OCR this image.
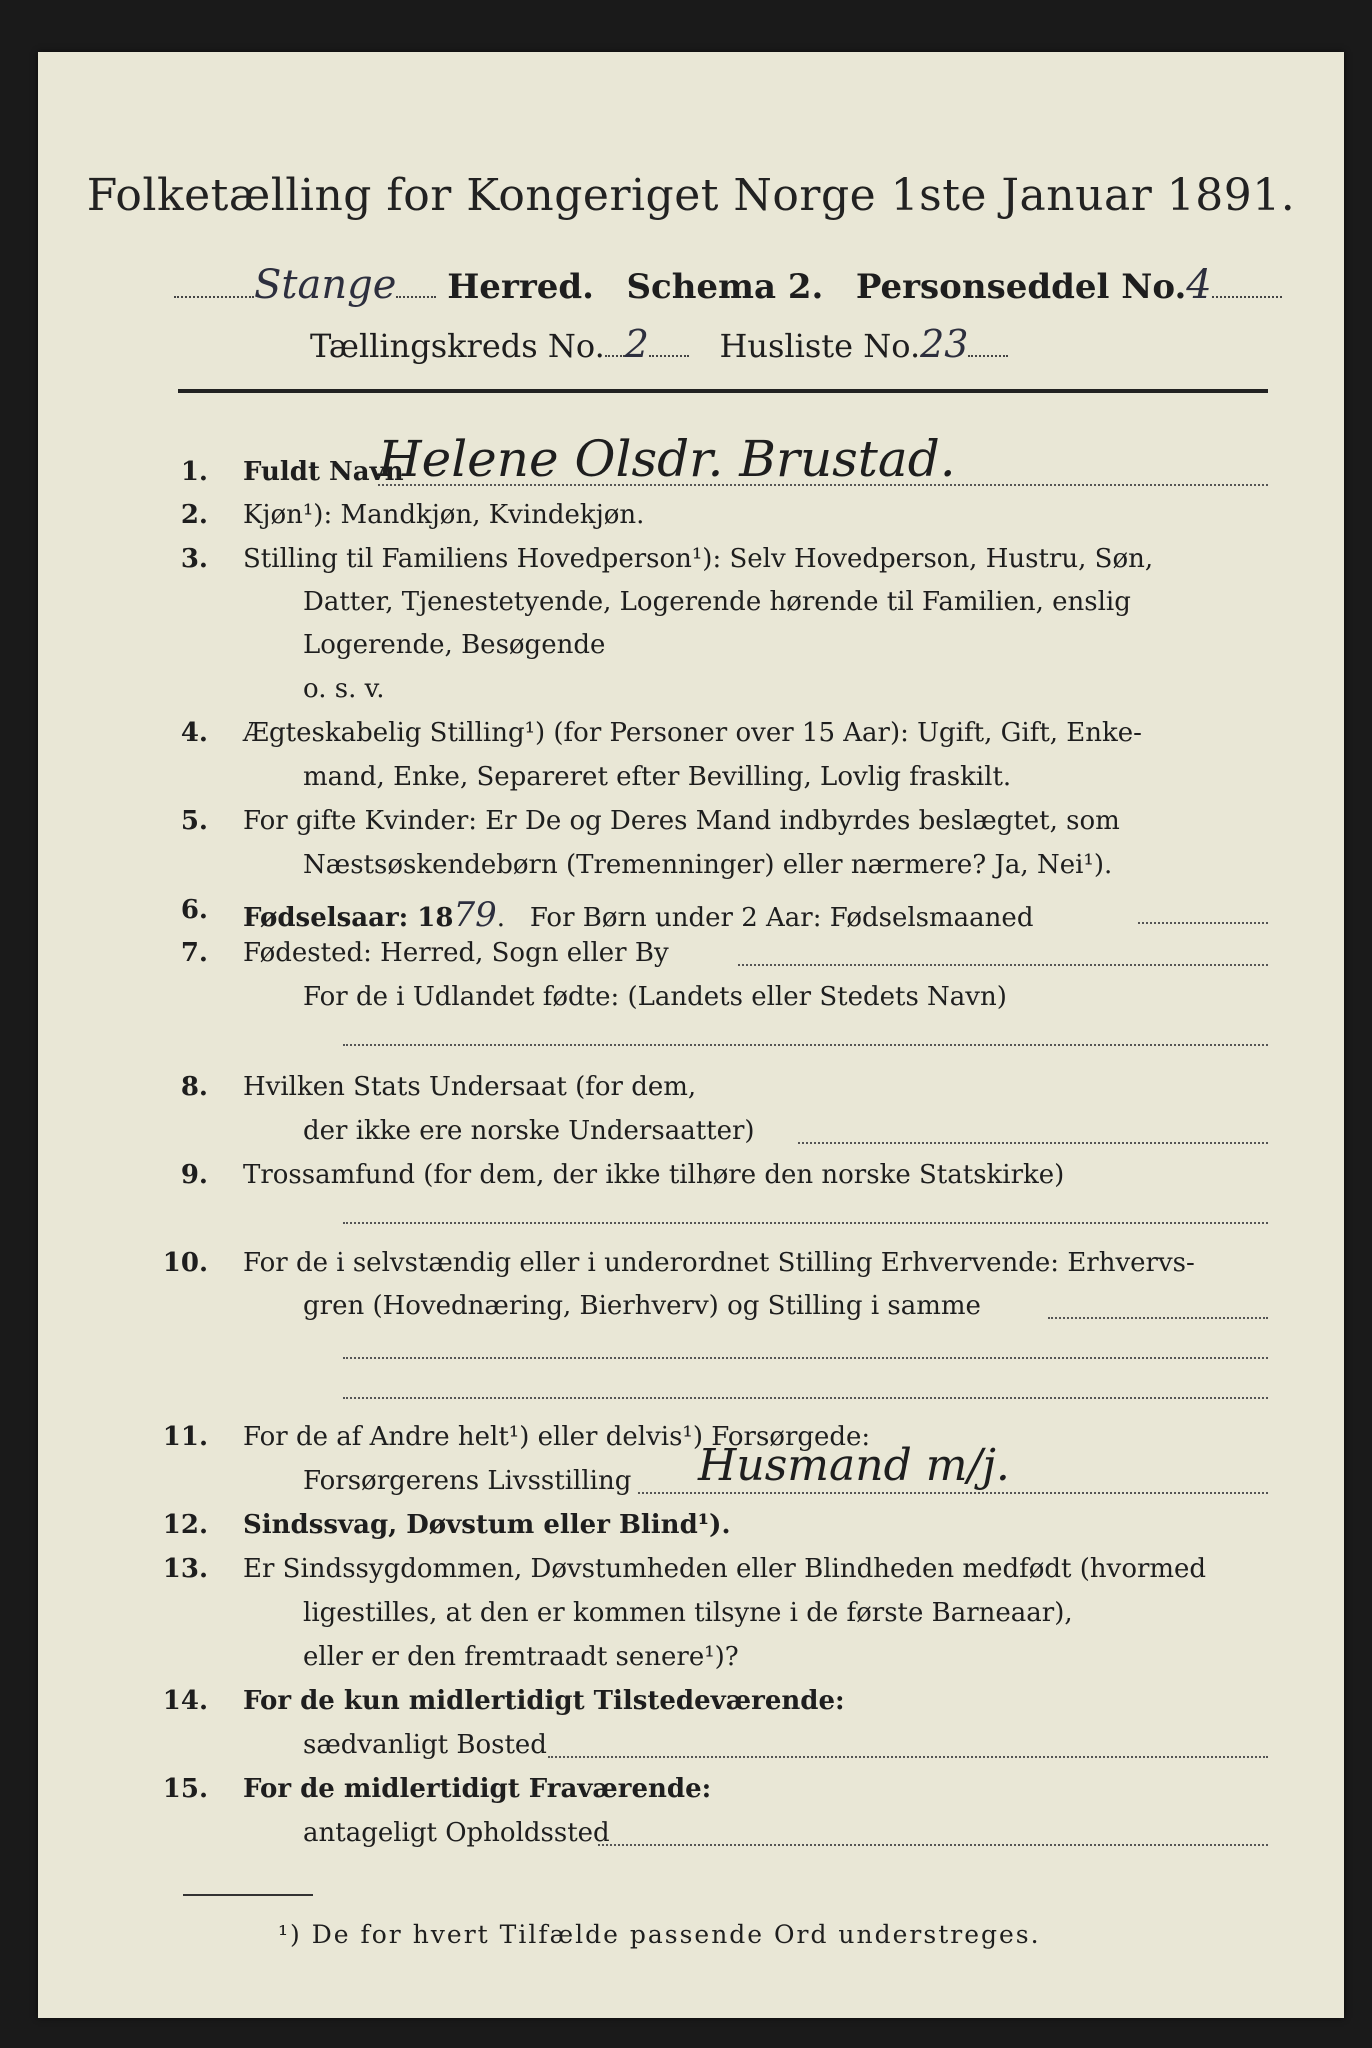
Folketælling for Kongeriget Norge 1ste Januar 1891.
Stange Herred. Schema 2. Personseddel No.4
Tællingskreds No. 2 Husliste No.23
1. Fuldt Navn
Helene Olsdr. Brustad.
2. Kjøn¹): Mandkjøn, Kvindekjøn.
3. Stilling til Familiens Hovedperson¹): Selv Hovedperson, Hustru, Søn,
Datter, Tjenestetyende, Logerende hørende til Familien, enslig
Logerende, Besøgende
o. s. v.
4. Ægteskabelig Stilling¹) (for Personer over 15 Aar): Ugift, Gift, Enke-
mand, Enke, Separeret efter Bevilling, Lovlig fraskilt.
5. For gifte Kvinder: Er De og Deres Mand indbyrdes beslægtet, som
Næstsøskendebørn (Tremenninger) eller nærmere? Ja, Nei¹).
6. Fødselsaar: 1879.   For Børn under 2 Aar: Fødselsmaaned
7. Fødested: Herred, Sogn eller By
For de i Udlandet fødte: (Landets eller Stedets Navn)
8. Hvilken Stats Undersaat (for dem,
der ikke ere norske Undersaatter)
9. Trossamfund (for dem, der ikke tilhøre den norske Statskirke)
10. For de i selvstændig eller i underordnet Stilling Erhvervende: Erhvervs-
gren (Hovednæring, Bierhverv) og Stilling i samme
11. For de af Andre helt¹) eller delvis¹) Forsørgede:
Forsørgerens Livsstilling Husmand m/j.
12. Sindssvag, Døvstum eller Blind¹).
13. Er Sindssygdommen, Døvstumheden eller Blindheden medfødt (hvormed
ligestilles, at den er kommen tilsyne i de første Barneaar),
eller er den fremtraadt senere¹)?
14. For de kun midlertidigt Tilstedeværende:
sædvanligt Bosted
15. For de midlertidigt Fraværende:
antageligt Opholdssted
¹) De for hvert Tilfælde passende Ord understreges.
